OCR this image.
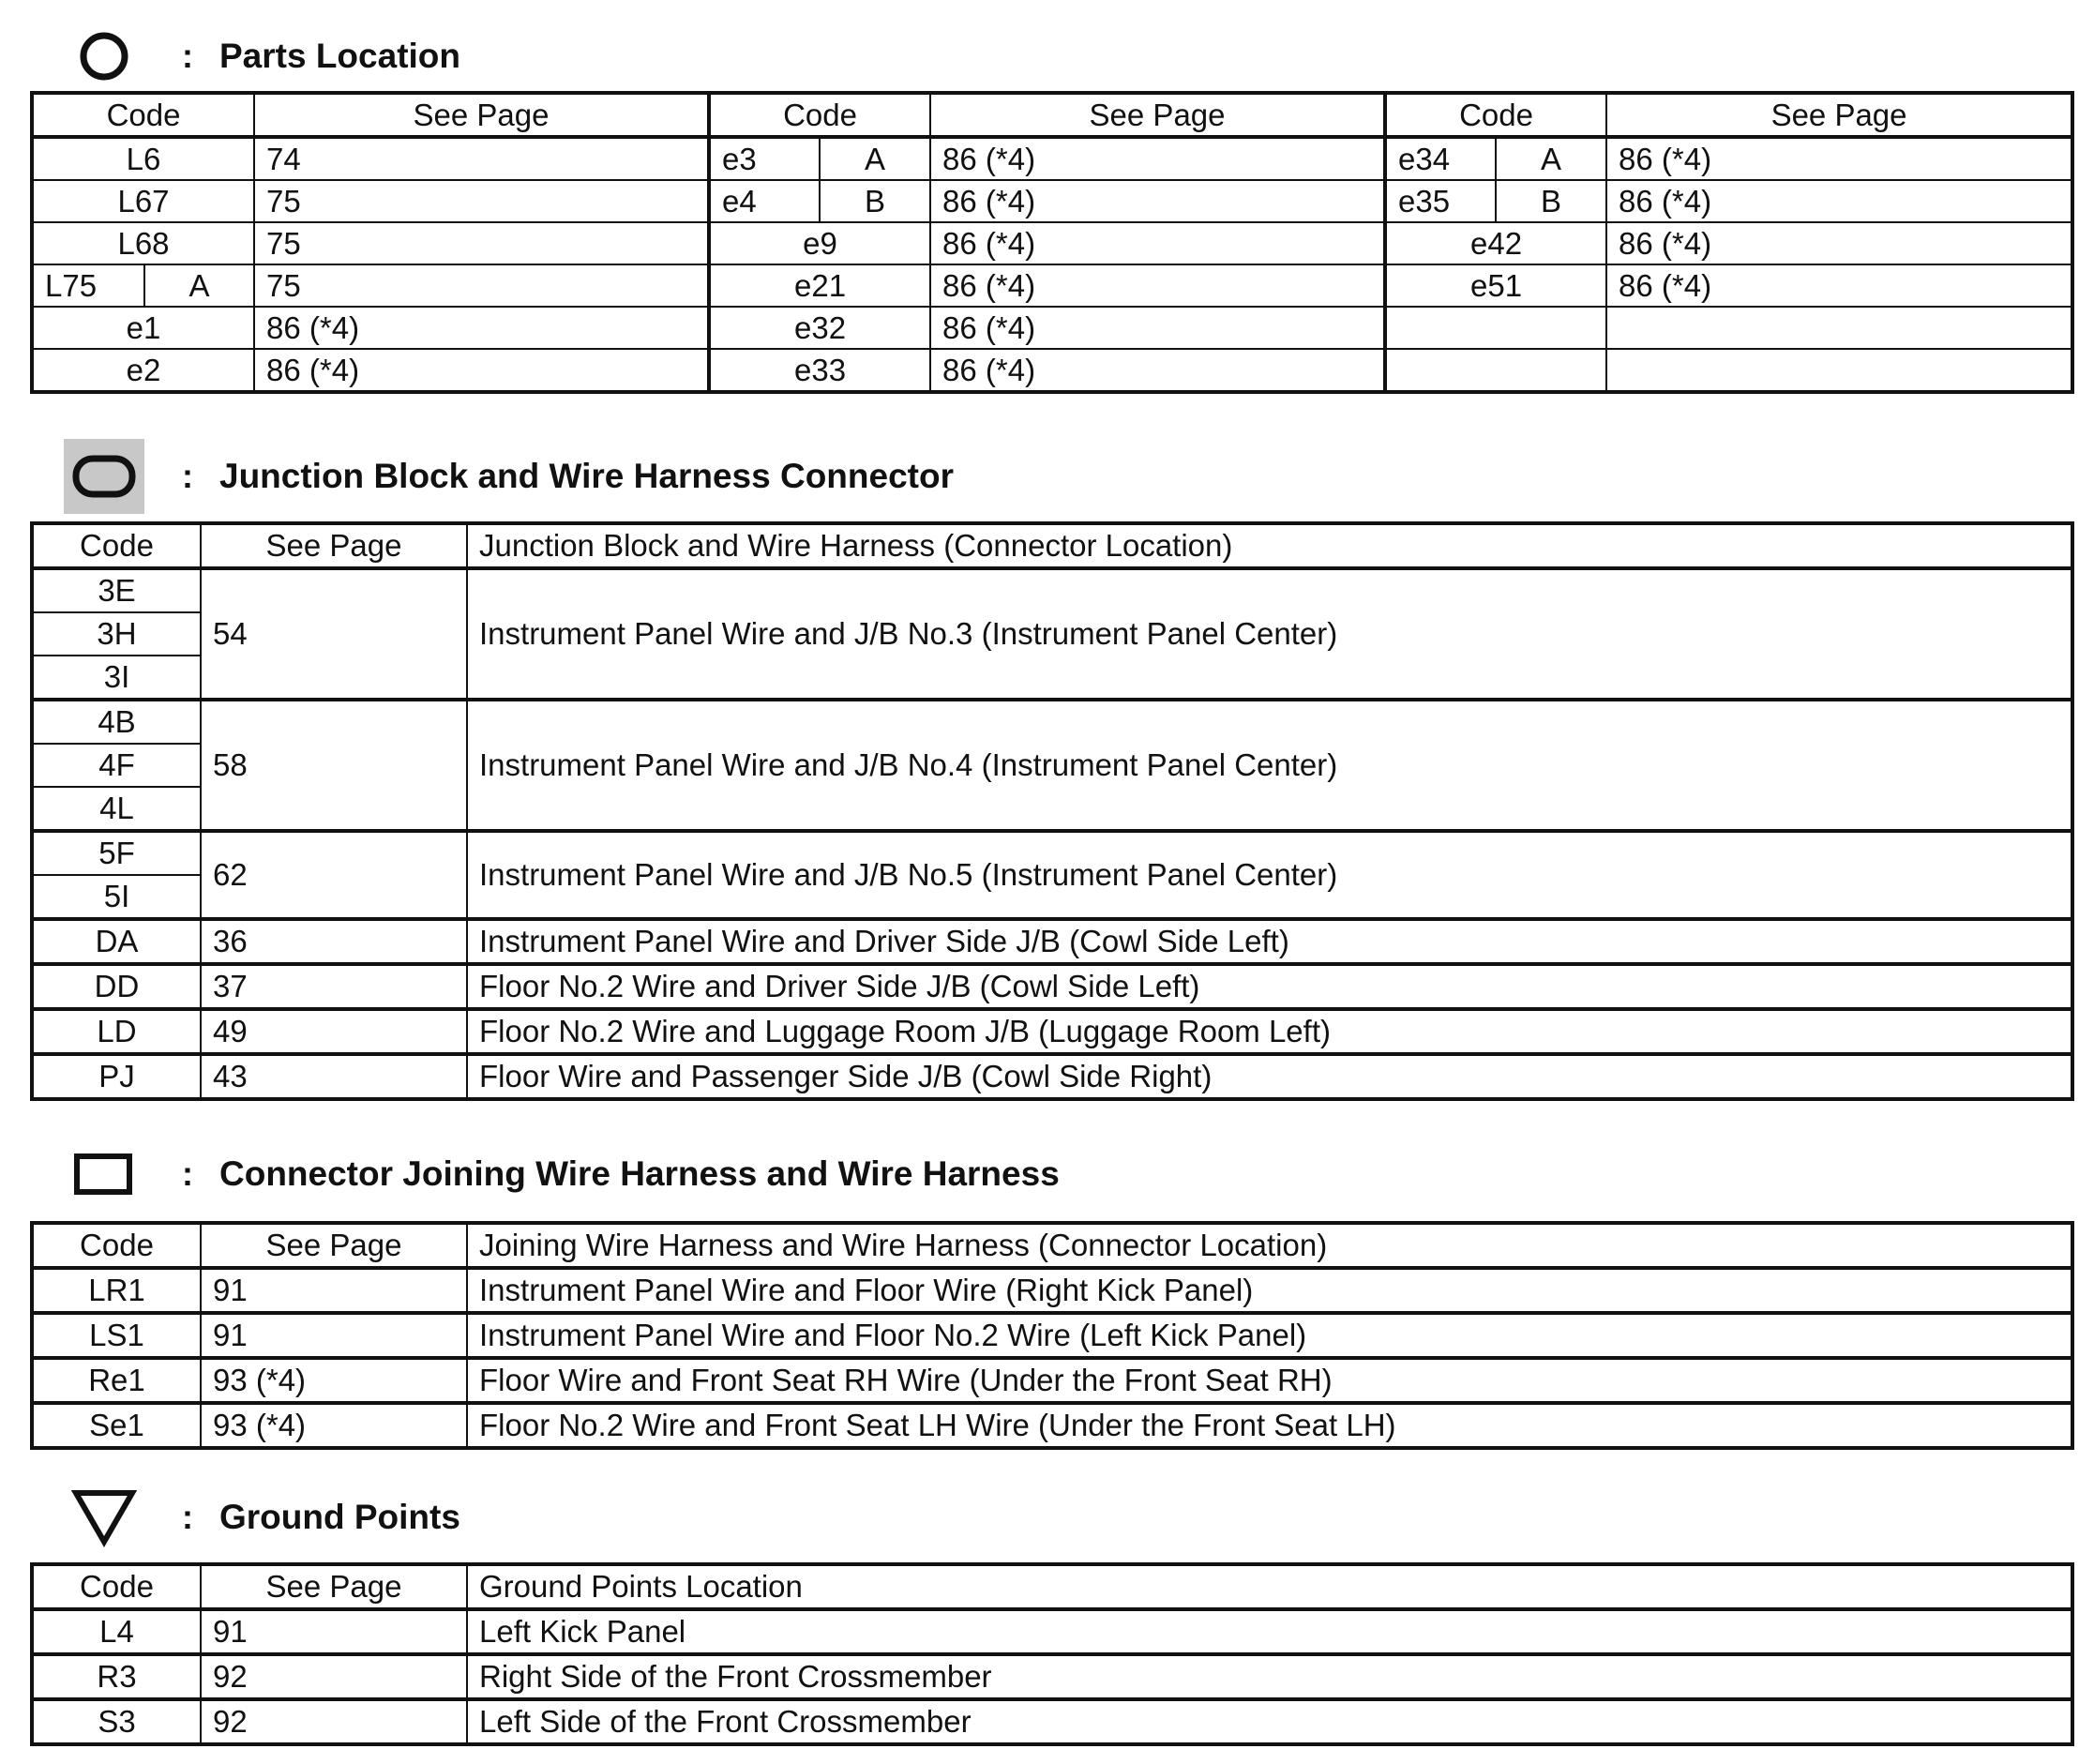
: Parts Location
Code		See Page	Code		See Page	Code		See Page
L6		74	e3	A	86 (*4)	e34	A	86 (*4)
L67		75	e4	B	86 (*4)	e35	B	86 (*4)
L68		75	e9		86 (*4)	e42		86 (*4)
L75	A	75	e21		86 (*4)	e51		86 (*4)
e1		86 (*4)	e32		86 (*4)			
e2		86 (*4)	e33		86 (*4)			
: Junction Block and Wire Harness Connector
Code	See Page	Junction Block and Wire Harness (Connector Location)
3E	54	Instrument Panel Wire and J/B No.3 (Instrument Panel Center)
3H		
3I		
4B	58	Instrument Panel Wire and J/B No.4 (Instrument Panel Center)
4F		
4L		
5F	62	Instrument Panel Wire and J/B No.5 (Instrument Panel Center)
5I		
DA	36	Instrument Panel Wire and Driver Side J/B (Cowl Side Left)
DD	37	Floor No.2 Wire and Driver Side J/B (Cowl Side Left)
LD	49	Floor No.2 Wire and Luggage Room J/B (Luggage Room Left)
PJ	43	Floor Wire and Passenger Side J/B (Cowl Side Right)
: Connector Joining Wire Harness and Wire Harness
Code	See Page	Joining Wire Harness and Wire Harness (Connector Location)
LR1	91	Instrument Panel Wire and Floor Wire (Right Kick Panel)
LS1	91	Instrument Panel Wire and Floor No.2 Wire (Left Kick Panel)
Re1	93 (*4)	Floor Wire and Front Seat RH Wire (Under the Front Seat RH)
Se1	93 (*4)	Floor No.2 Wire and Front Seat LH Wire (Under the Front Seat LH)
: Ground Points
Code	See Page	Ground Points Location
L4	91	Left Kick Panel
R3	92	Right Side of the Front Crossmember
S3	92	Left Side of the Front Crossmember
